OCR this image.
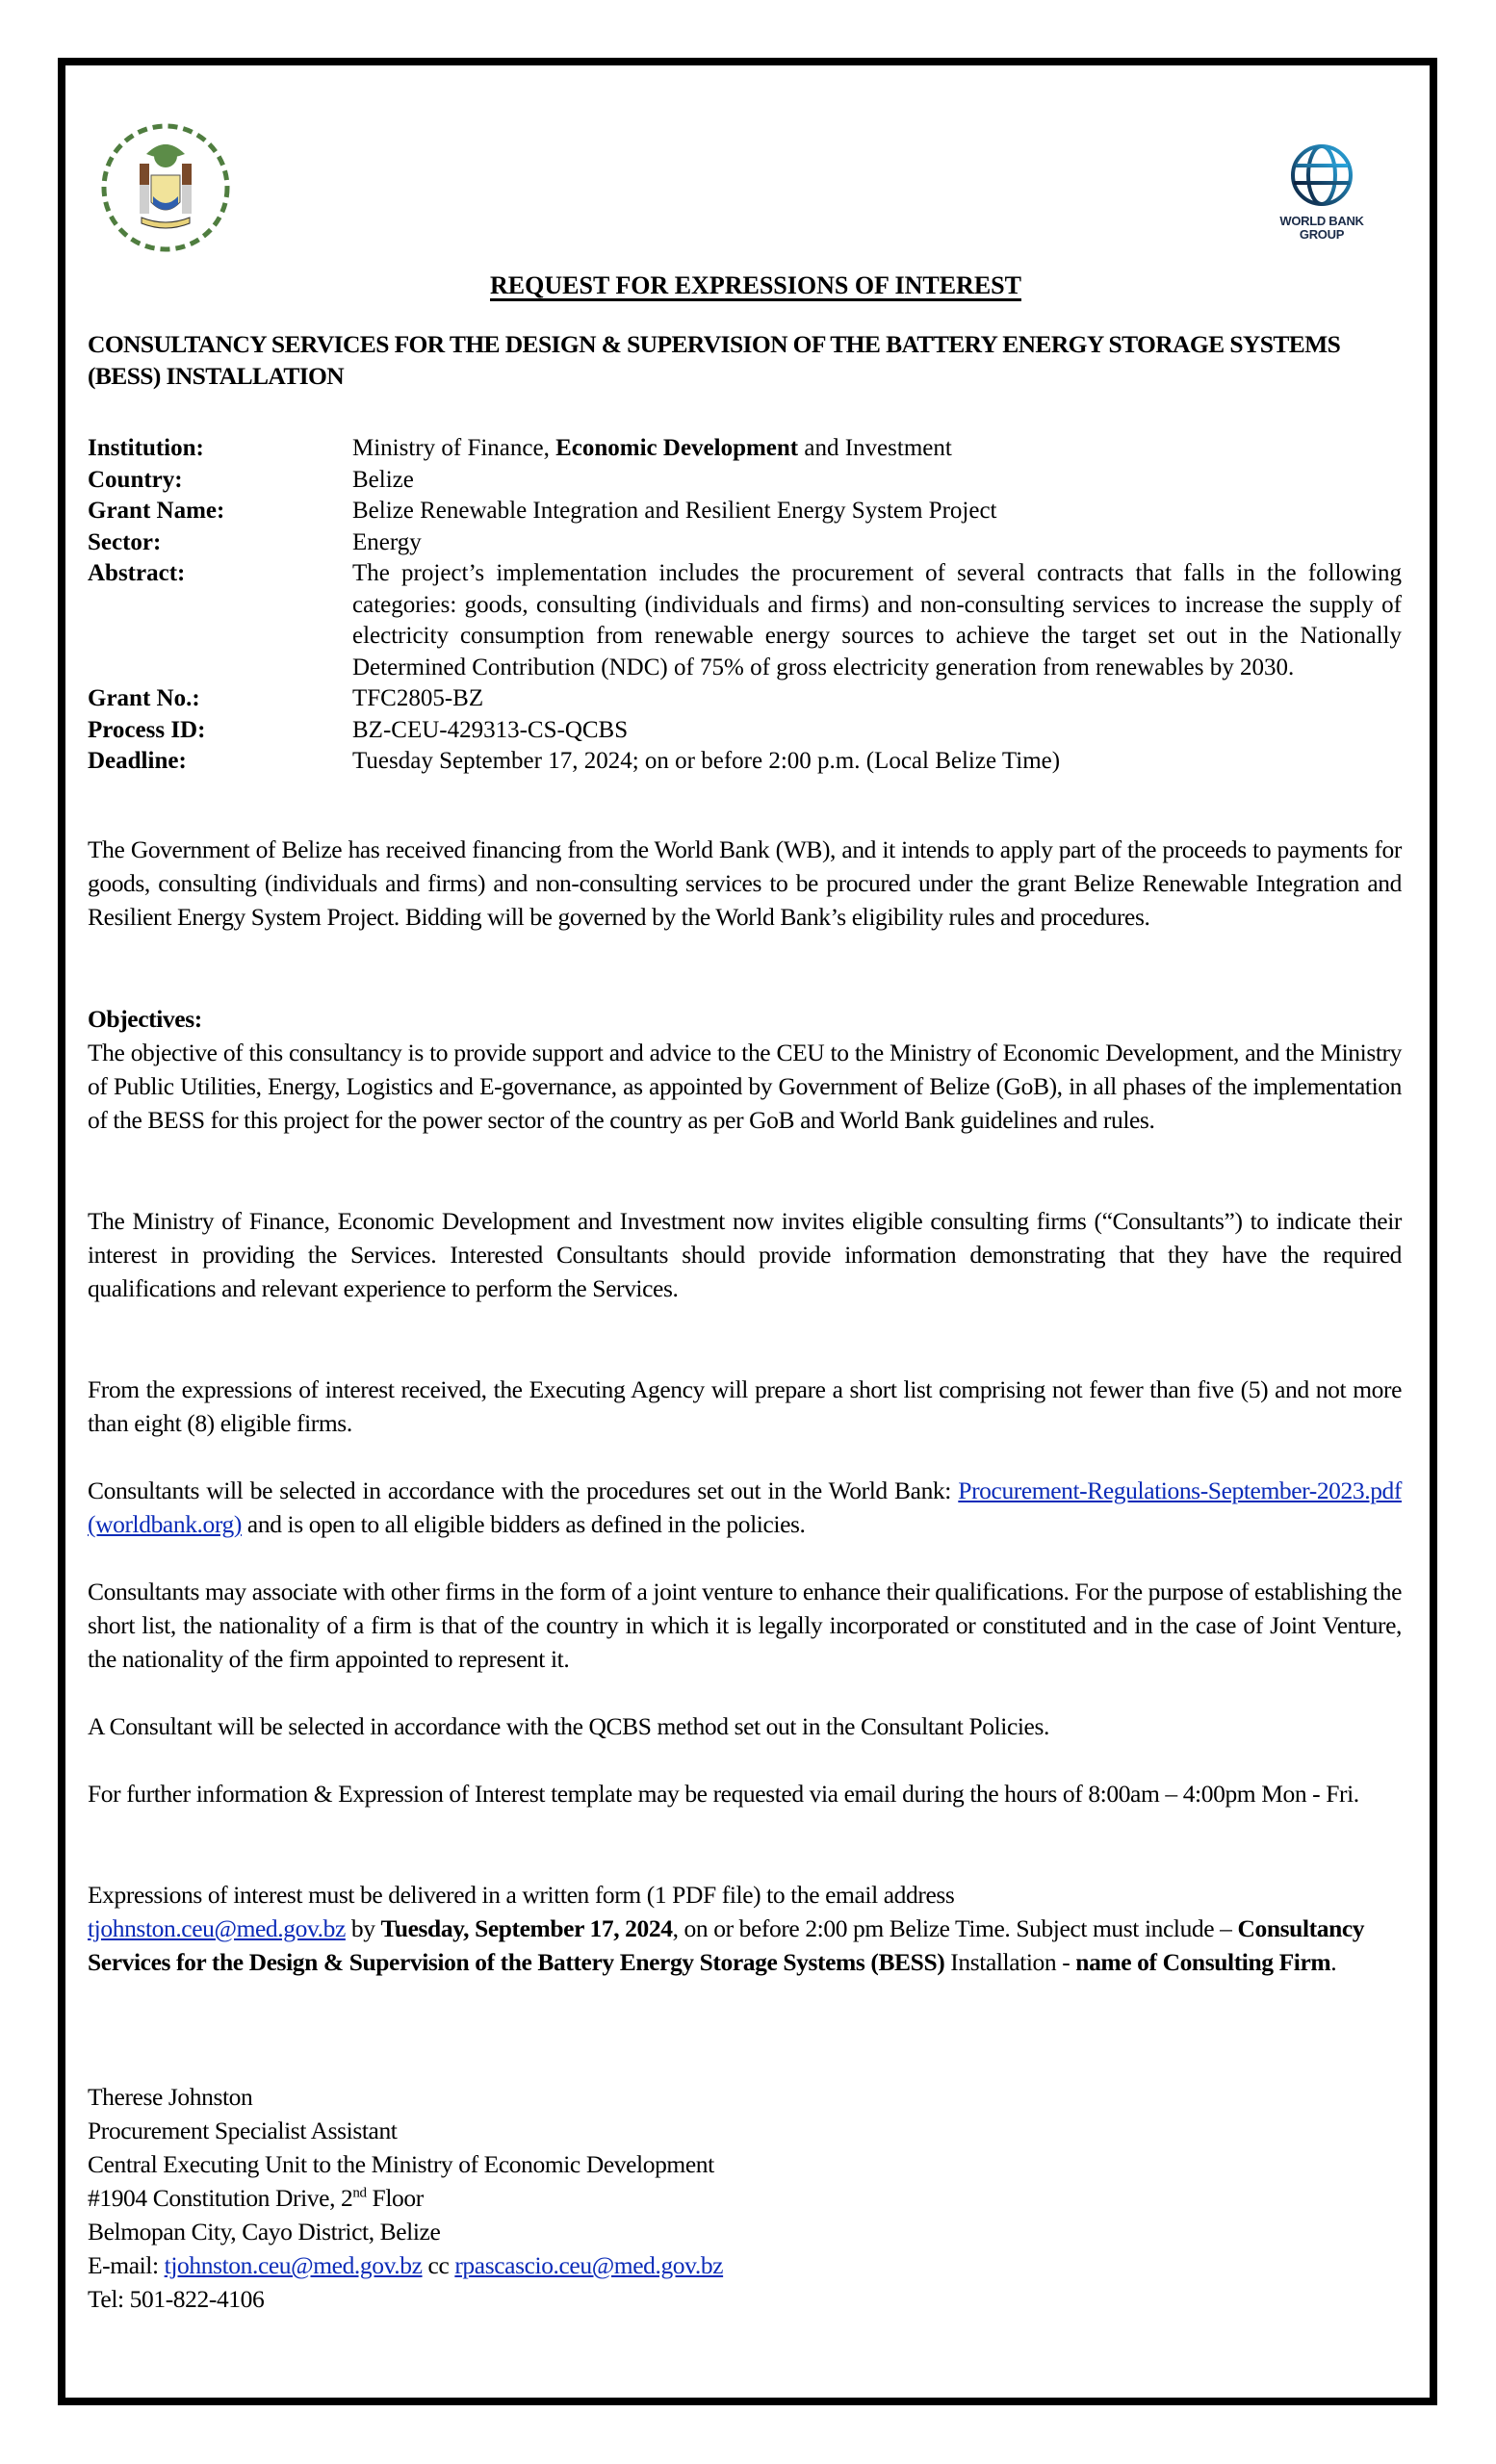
WORLD BANK
GROUP
REQUEST FOR EXPRESSIONS OF INTEREST
CONSULTANCY SERVICES FOR THE DESIGN & SUPERVISION OF THE BATTERY ENERGY STORAGE SYSTEMS (BESS) INSTALLATION
Institution:	Ministry of Finance, Economic Development and Investment
Country:	Belize
Grant Name:	Belize Renewable Integration and Resilient Energy System Project
Sector:	Energy
Abstract:	The project’s implementation includes the procurement of several contracts that falls in the following categories: goods, consulting (individuals and firms) and non-consulting services to increase the supply of electricity consumption from renewable energy sources to achieve the target set out in the Nationally Determined Contribution (NDC) of 75% of gross electricity generation from renewables by 2030.
Grant No.:	TFC2805-BZ
Process ID:	BZ-CEU-429313-CS-QCBS
Deadline:	Tuesday September 17, 2024; on or before 2:00 p.m. (Local Belize Time)
The Government of Belize has received financing from the World Bank (WB), and it intends to apply part of the proceeds to payments for goods, consulting (individuals and firms) and non-consulting services to be procured under the grant Belize Renewable Integration and Resilient Energy System Project. Bidding will be governed by the World Bank’s eligibility rules and procedures.
Objectives:
The objective of this consultancy is to provide support and advice to the CEU to the Ministry of Economic Development, and the Ministry of Public Utilities, Energy, Logistics and E-governance, as appointed by Government of Belize (GoB), in all phases of the implementation of the BESS for this project for the power sector of the country as per GoB and World Bank guidelines and rules.
The Ministry of Finance, Economic Development and Investment now invites eligible consulting firms (“Consultants”) to indicate their interest in providing the Services. Interested Consultants should provide information demonstrating that they have the required qualifications and relevant experience to perform the Services.
From the expressions of interest received, the Executing Agency will prepare a short list comprising not fewer than five (5) and not more than eight (8) eligible firms.
Consultants will be selected in accordance with the procedures set out in the World Bank: Procurement-Regulations-September-2023.pdf (worldbank.org) and is open to all eligible bidders as defined in the policies.
Consultants may associate with other firms in the form of a joint venture to enhance their qualifications. For the purpose of establishing the short list, the nationality of a firm is that of the country in which it is legally incorporated or constituted and in the case of Joint Venture, the nationality of the firm appointed to represent it.
A Consultant will be selected in accordance with the QCBS method set out in the Consultant Policies.
For further information & Expression of Interest template may be requested via email during the hours of 8:00am – 4:00pm Mon - Fri.
Expressions of interest must be delivered in a written form (1 PDF file) to the email address
tjohnston.ceu@med.gov.bz by Tuesday, September 17, 2024, on or before 2:00 pm Belize Time. Subject must include – Consultancy Services for the Design & Supervision of the Battery Energy Storage Systems (BESS) Installation - name of Consulting Firm.
Therese Johnston
Procurement Specialist Assistant
Central Executing Unit to the Ministry of Economic Development
#1904 Constitution Drive, 2nd Floor
Belmopan City, Cayo District, Belize
E-mail: tjohnston.ceu@med.gov.bz cc rpascascio.ceu@med.gov.bz
Tel: 501-822-4106
